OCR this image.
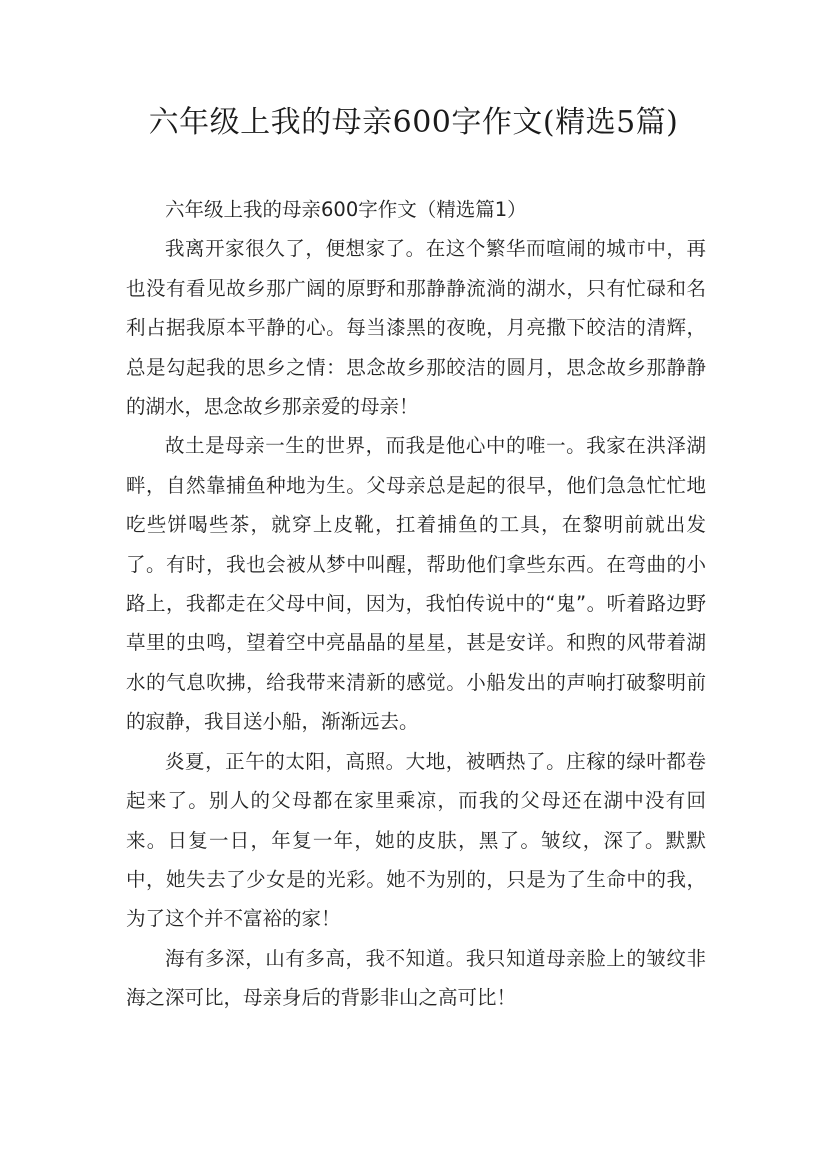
六年级上我的母亲600字作文(精选5篇)

六年级上我的母亲600字作文（精选篇1）

我离开家很久了，便想家了。在这个繁华而喧闹的城市中，再也没有看见故乡那广阔的原野和那静静流淌的湖水，只有忙碌和名利占据我原本平静的心。每当漆黑的夜晚，月亮撒下皎洁的清辉，总是勾起我的思乡之情：思念故乡那皎洁的圆月，思念故乡那静静的湖水，思念故乡那亲爱的母亲！

故土是母亲一生的世界，而我是他心中的唯一。我家在洪泽湖畔，自然靠捕鱼种地为生。父母亲总是起的很早，他们急急忙忙地吃些饼喝些茶，就穿上皮靴，扛着捕鱼的工具，在黎明前就出发了。有时，我也会被从梦中叫醒，帮助他们拿些东西。在弯曲的小路上，我都走在父母中间，因为，我怕传说中的“鬼”。听着路边野草里的虫鸣，望着空中亮晶晶的星星，甚是安详。和煦的风带着湖水的气息吹拂，给我带来清新的感觉。小船发出的声响打破黎明前的寂静，我目送小船，渐渐远去。

炎夏，正午的太阳，高照。大地，被晒热了。庄稼的绿叶都卷起来了。别人的父母都在家里乘凉，而我的父母还在湖中没有回来。日复一日，年复一年，她的皮肤，黑了。皱纹，深了。默默中，她失去了少女是的光彩。她不为别的，只是为了生命中的我，为了这个并不富裕的家！

海有多深，山有多高，我不知道。我只知道母亲脸上的皱纹非海之深可比，母亲身后的背影非山之高可比！
